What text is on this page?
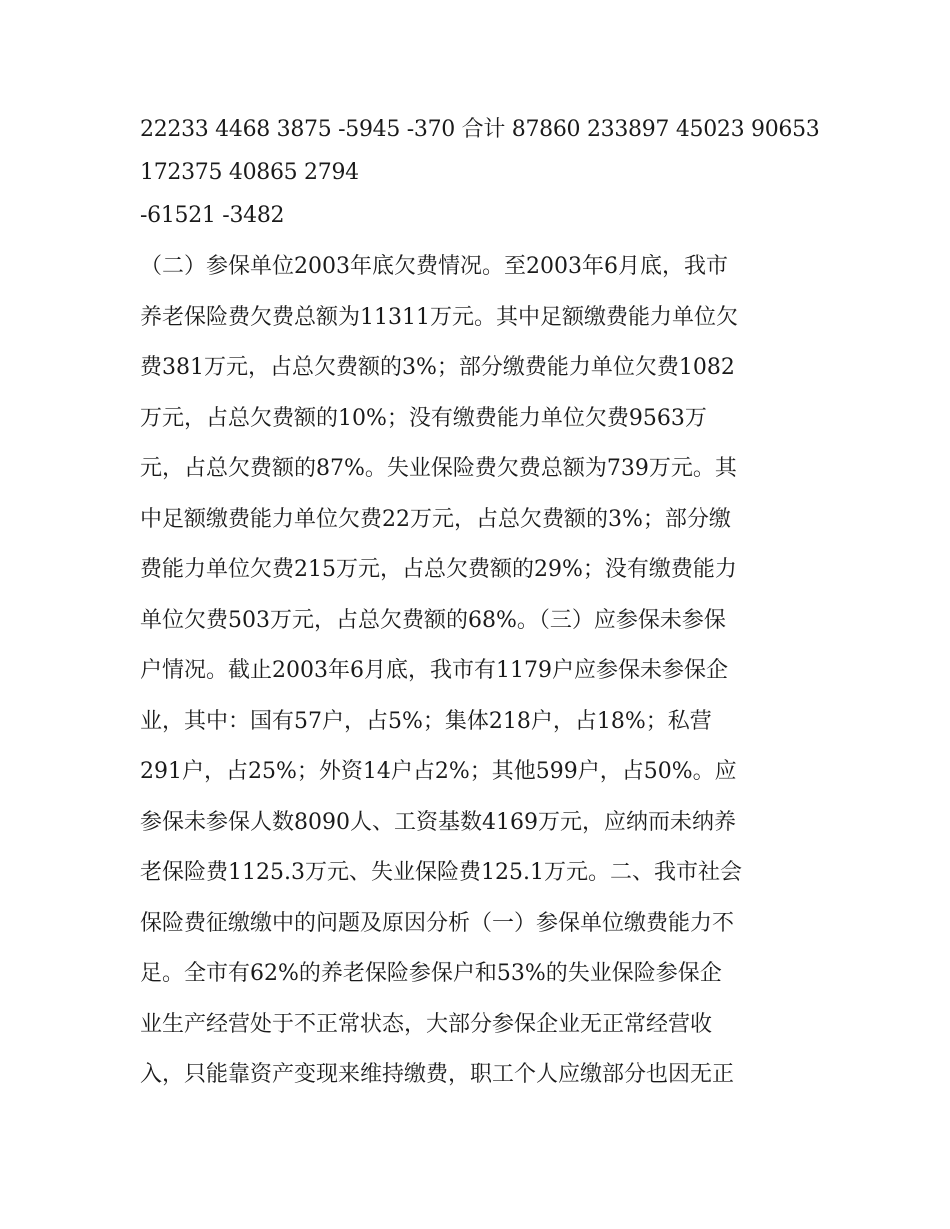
22233 4468 3875 -5945 -370 合计 87860 233897 45023 90653
172375 40865 2794
-61521 -3482
（二）参保单位2003年底欠费情况。至2003年6月底，我市
养老保险费欠费总额为11311万元。其中足额缴费能力单位欠
费381万元，占总欠费额的3%；部分缴费能力单位欠费1082
万元，占总欠费额的10%；没有缴费能力单位欠费9563万
元，占总欠费额的87%。失业保险费欠费总额为739万元。其
中足额缴费能力单位欠费22万元，占总欠费额的3%；部分缴
费能力单位欠费215万元，占总欠费额的29%；没有缴费能力
单位欠费503万元，占总欠费额的68%。（三）应参保未参保
户情况。截止2003年6月底，我市有1179户应参保未参保企
业，其中：国有57户，占5%；集体218户，占18%；私营
291户，占25%；外资14户占2%；其他599户，占50%。应
参保未参保人数8090人、工资基数4169万元，应纳而未纳养
老保险费1125.3万元、失业保险费125.1万元。二、我市社会
保险费征缴缴中的问题及原因分析（一）参保单位缴费能力不
足。全市有62%的养老保险参保户和53%的失业保险参保企
业生产经营处于不正常状态，大部分参保企业无正常经营收
入，只能靠资产变现来维持缴费，职工个人应缴部分也因无正
